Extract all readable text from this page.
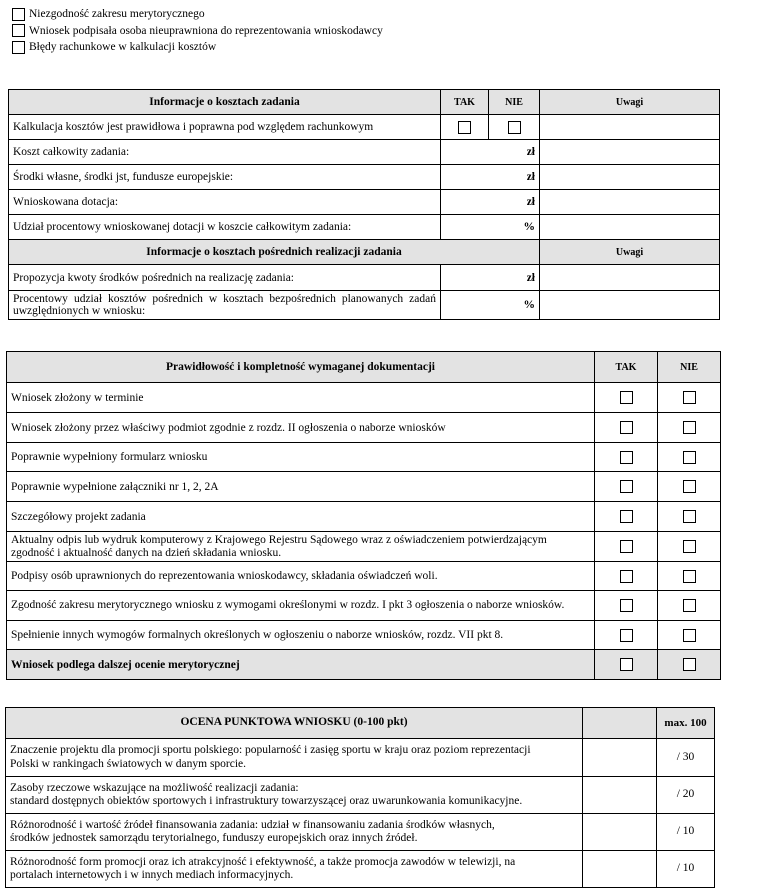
Niezgodność zakresu merytorycznego
Wniosek podpisała osoba nieuprawniona do reprezentowania wnioskodawcy
Błędy rachunkowe w kalkulacji kosztów
Informacje o kosztach zadania	TAK	NIE	Uwagi
Kalkulacja kosztów jest prawidłowa i poprawna pod względem rachunkowym			
Koszt całkowity zadania:	zł		
Środki własne, środki jst, fundusze europejskie:	zł		
Wnioskowana dotacja:	zł		
Udział procentowy wnioskowanej dotacji w koszcie całkowitym zadania:	%		
Informacje o kosztach pośrednich realizacji zadania			Uwagi
Propozycja kwoty środków pośrednich na realizację zadania:	zł		
Procentowy udział kosztów pośrednich w kosztach bezpośrednich planowanych zadań uwzględnionych w wniosku:	%		
Prawidłowość i kompletność wymaganej dokumentacji	TAK	NIE
Wniosek złożony w terminie		
Wniosek złożony przez właściwy podmiot zgodnie z rozdz. II ogłoszenia o naborze wniosków		
Poprawnie wypełniony formularz wniosku		
Poprawnie wypełnione załączniki nr 1, 2, 2A		
Szczegółowy projekt zadania		
Aktualny odpis lub wydruk komputerowy z Krajowego Rejestru Sądowego wraz z oświadczeniem potwierdzającym zgodność i aktualność danych na dzień składania wniosku.		
Podpisy osób uprawnionych do reprezentowania wnioskodawcy, składania oświadczeń woli.		
Zgodność zakresu merytorycznego wniosku z wymogami określonymi w rozdz. I pkt 3 ogłoszenia o naborze wniosków.		
Spełnienie innych wymogów formalnych określonych w ogłoszeniu o naborze wniosków, rozdz. VII pkt 8.		
Wniosek podlega dalszej ocenie merytorycznej		
OCENA PUNKTOWA WNIOSKU (0-100 pkt)		max. 100

Znaczenie projektu dla promocji sportu polskiego: popularność i zasięg sportu w kraju oraz poziom reprezentacji
Polski w rankingach światowych w danym sporcie.		/ 30

Zasoby rzeczowe wskazujące na możliwość realizacji zadania:
standard dostępnych obiektów sportowych i infrastruktury towarzyszącej oraz uwarunkowania komunikacyjne.		/ 20

Różnorodność i wartość źródeł finansowania zadania: udział w finansowaniu zadania środków własnych,
środków jednostek samorządu terytorialnego, funduszy europejskich oraz innych źródeł.		/ 10

Różnorodność form promocji oraz ich atrakcyjność i efektywność, a także promocja zawodów w telewizji, na
portalach internetowych i w innych mediach informacyjnych.		/ 10
